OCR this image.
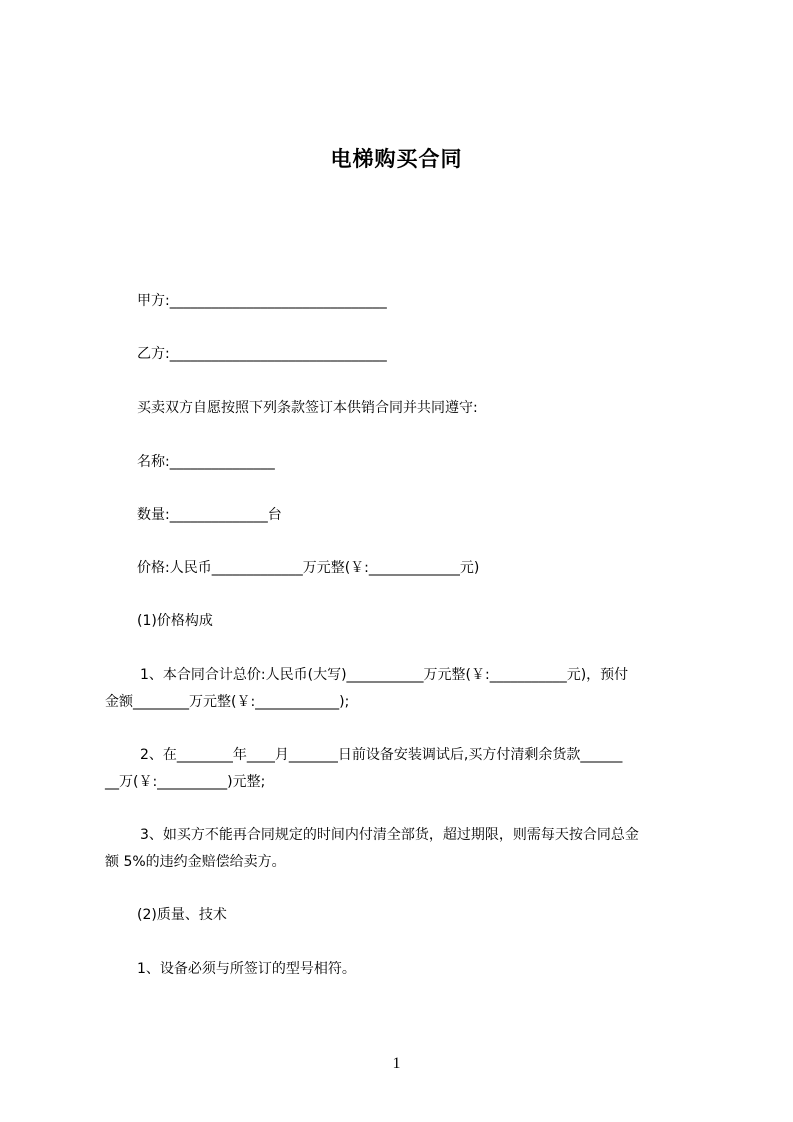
电梯购买合同
甲方:_______________________________
乙方:_______________________________
买卖双方自愿按照下列条款签订本供销合同并共同遵守:
名称:_______________
数量:______________台
价格:人民币_____________万元整(￥:_____________元)
(1)价格构成
1、本合同合计总价:人民币(大写)___________万元整(￥:___________元)，预付
金额________万元整(￥:____________);
2、在________年____月_______日前设备安装调试后,买方付清剩余货款______
__万(￥:__________)元整;
3、如买方不能再合同规定的时间内付清全部货，超过期限，则需每天按合同总金
额 5%的违约金赔偿给卖方。
(2)质量、技术
1、设备必须与所签订的型号相符。
1
